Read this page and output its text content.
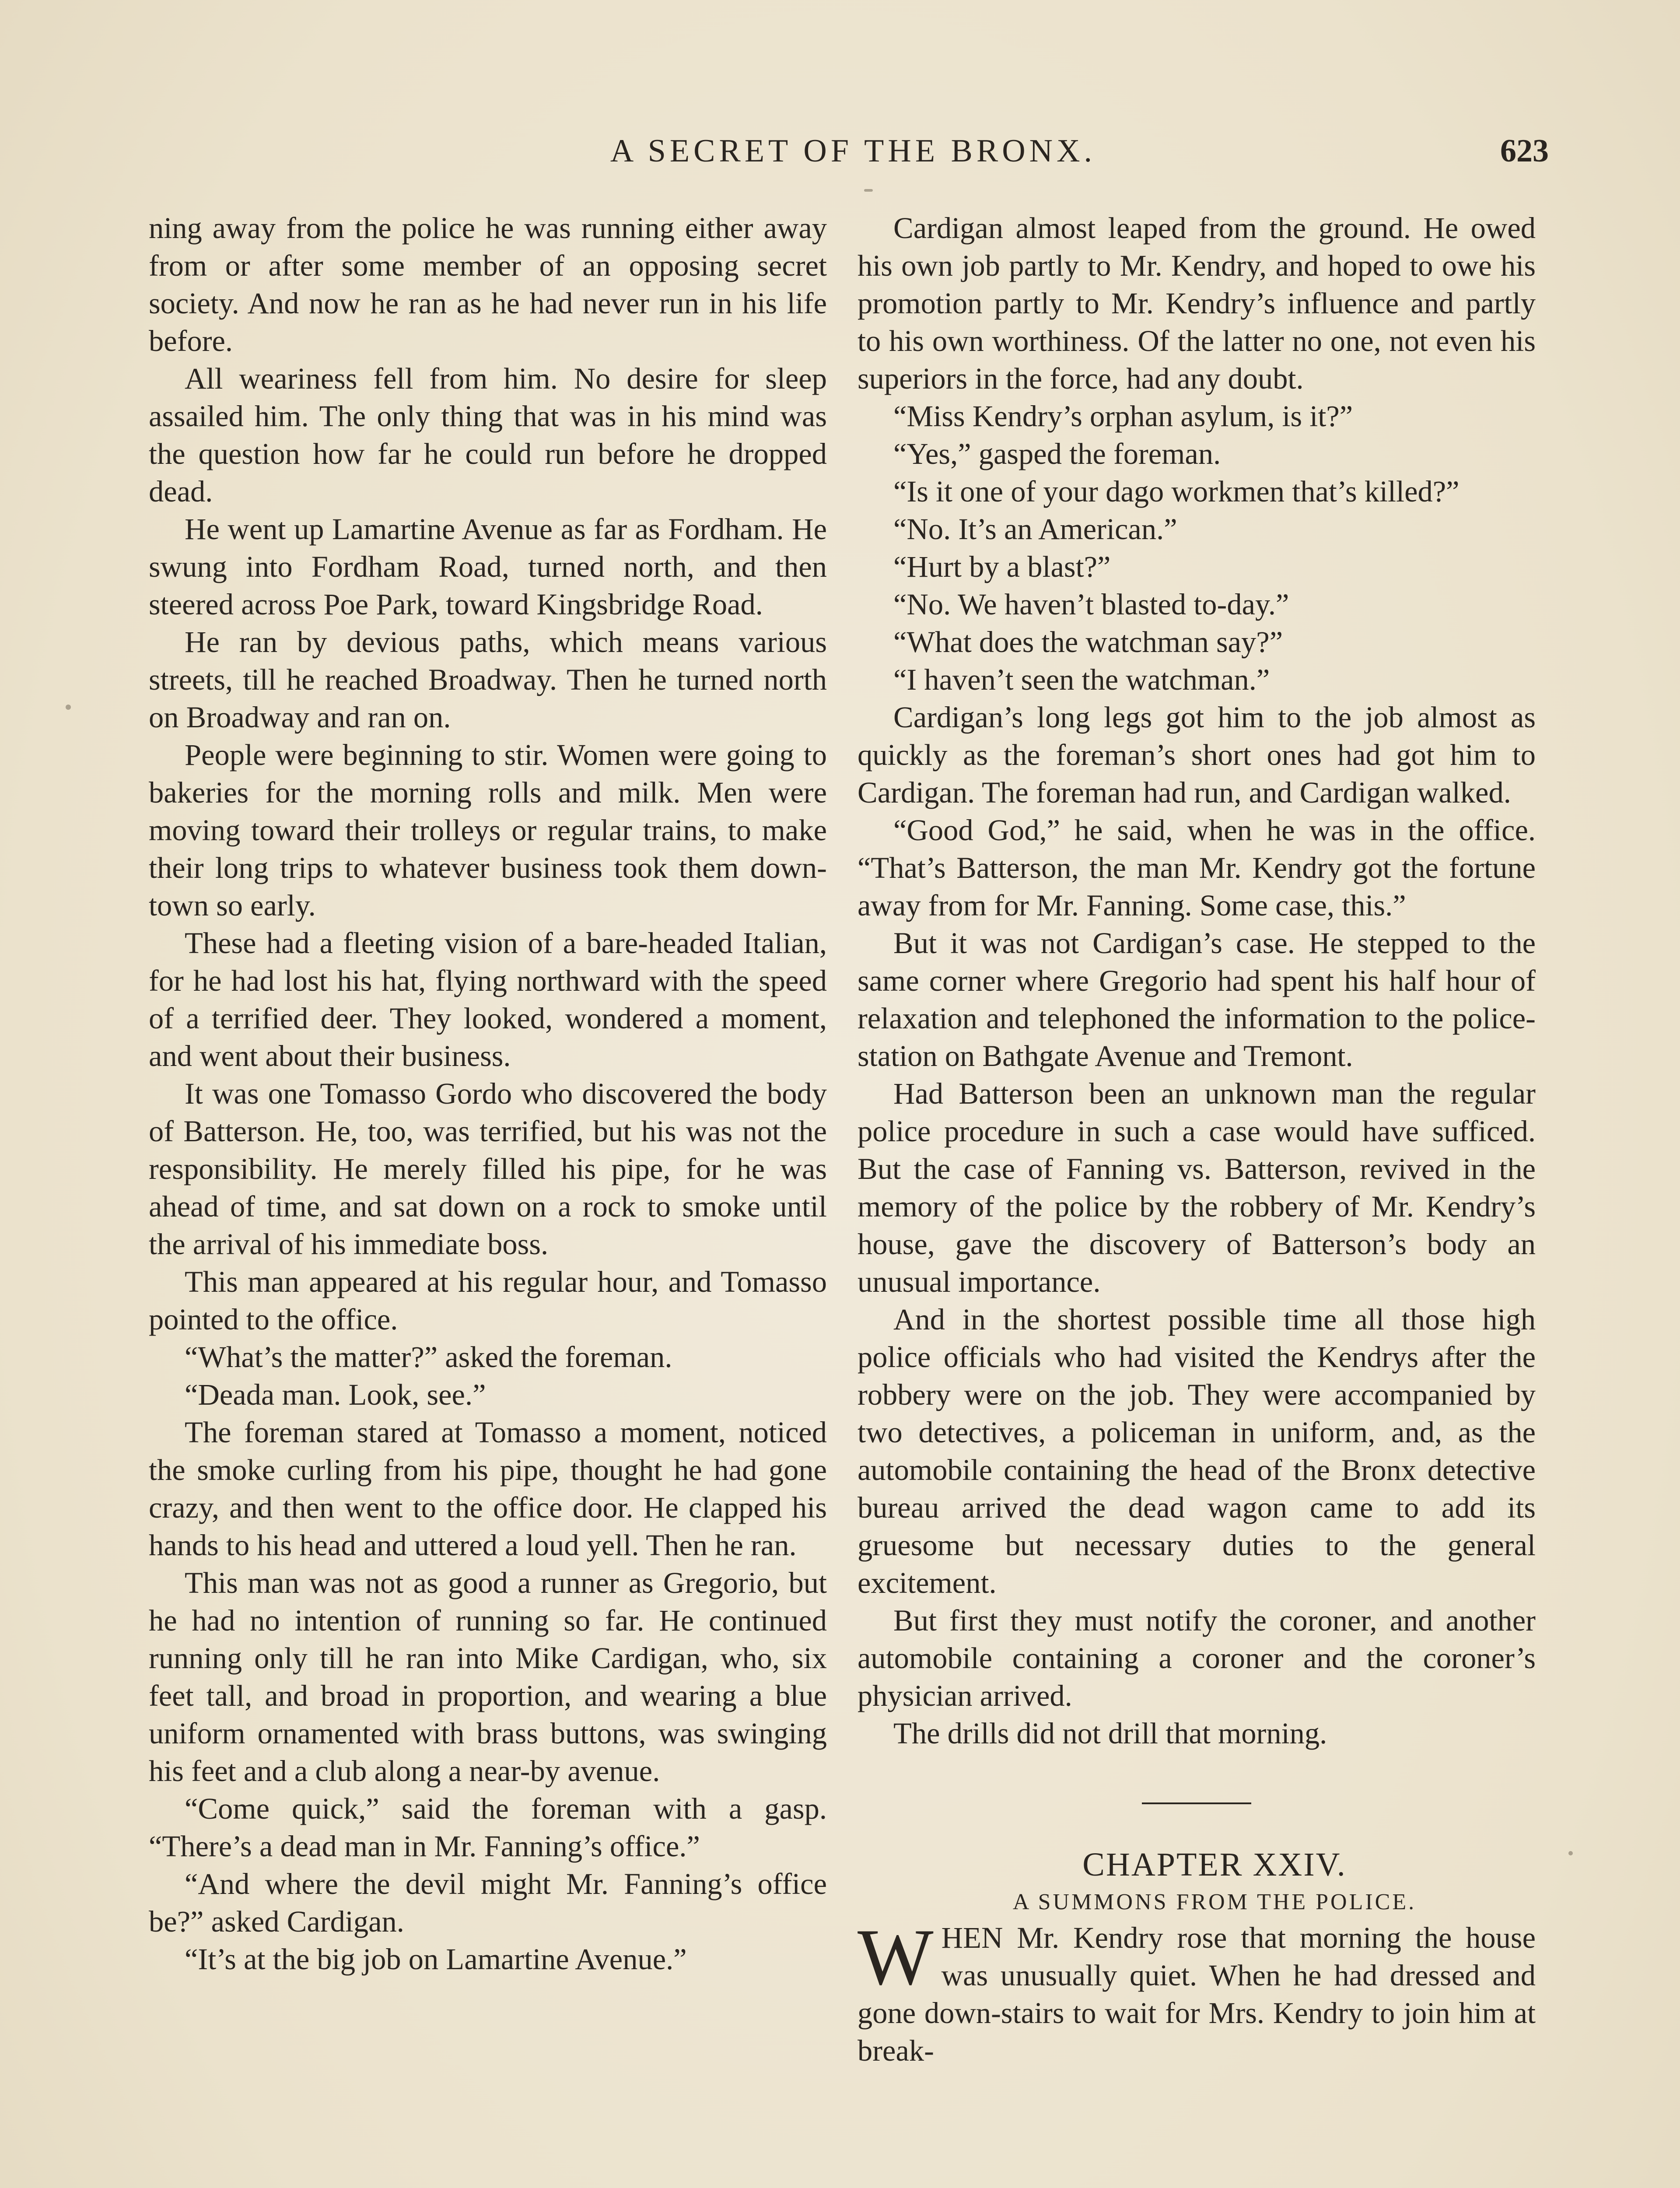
A SECRET OF THE BRONX.	623

ning away from the police he was running either away from or after some member of an opposing secret society. And now he ran as he had never run in his life before.

All weariness fell from him. No desire for sleep assailed him. The only thing that was in his mind was the question how far he could run before he dropped dead.

He went up Lamartine Avenue as far as Fordham. He swung into Fordham Road, turned north, and then steered across Poe Park, toward Kingsbridge Road.

He ran by devious paths, which means various streets, till he reached Broadway. Then he turned north on Broadway and ran on.

People were beginning to stir. Women were going to bakeries for the morning rolls and milk. Men were moving toward their trolleys or regular trains, to make their long trips to whatever business took them down-town so early.

These had a fleeting vision of a bare-headed Italian, for he had lost his hat, flying northward with the speed of a terrified deer. They looked, wondered a moment, and went about their business.

It was one Tomasso Gordo who discovered the body of Batterson. He, too, was terrified, but his was not the responsibility. He merely filled his pipe, for he was ahead of time, and sat down on a rock to smoke until the arrival of his immediate boss.

This man appeared at his regular hour, and Tomasso pointed to the office.

“What’s the matter?” asked the foreman.

“Deada man. Look, see.”

The foreman stared at Tomasso a moment, noticed the smoke curling from his pipe, thought he had gone crazy, and then went to the office door. He clapped his hands to his head and uttered a loud yell. Then he ran.

This man was not as good a runner as Gregorio, but he had no intention of running so far. He continued running only till he ran into Mike Cardigan, who, six feet tall, and broad in proportion, and wearing a blue uniform ornamented with brass buttons, was swinging his feet and a club along a near-by avenue.

“Come quick,” said the foreman with a gasp. “There’s a dead man in Mr. Fanning’s office.”

“And where the devil might Mr. Fanning’s office be?” asked Cardigan.

“It’s at the big job on Lamartine Avenue.”

Cardigan almost leaped from the ground. He owed his own job partly to Mr. Kendry, and hoped to owe his promotion partly to Mr. Kendry’s influence and partly to his own worthiness. Of the latter no one, not even his superiors in the force, had any doubt.

“Miss Kendry’s orphan asylum, is it?”

“Yes,” gasped the foreman.

“Is it one of your dago workmen that’s killed?”

“No. It’s an American.”

“Hurt by a blast?”

“No. We haven’t blasted to-day.”

“What does the watchman say?”

“I haven’t seen the watchman.”

Cardigan’s long legs got him to the job almost as quickly as the foreman’s short ones had got him to Cardigan. The foreman had run, and Cardigan walked.

“Good God,” he said, when he was in the office. “That’s Batterson, the man Mr. Kendry got the fortune away from for Mr. Fanning. Some case, this.”

But it was not Cardigan’s case. He stepped to the same corner where Gregorio had spent his half hour of relaxation and telephoned the information to the police-station on Bathgate Avenue and Tremont.

Had Batterson been an unknown man the regular police procedure in such a case would have sufficed. But the case of Fanning vs. Batterson, revived in the memory of the police by the robbery of Mr. Kendry’s house, gave the discovery of Batterson’s body an unusual importance.

And in the shortest possible time all those high police officials who had visited the Kendrys after the robbery were on the job. They were accompanied by two detectives, a policeman in uniform, and, as the automobile containing the head of the Bronx detective bureau arrived the dead wagon came to add its gruesome but necessary duties to the general excitement.

But first they must notify the coroner, and another automobile containing a coroner and the coroner’s physician arrived.

The drills did not drill that morning.

CHAPTER XXIV.

A SUMMONS FROM THE POLICE.

WHEN Mr. Kendry rose that morning the house was unusually quiet. When he had dressed and gone down-stairs to wait for Mrs. Kendry to join him at break-
